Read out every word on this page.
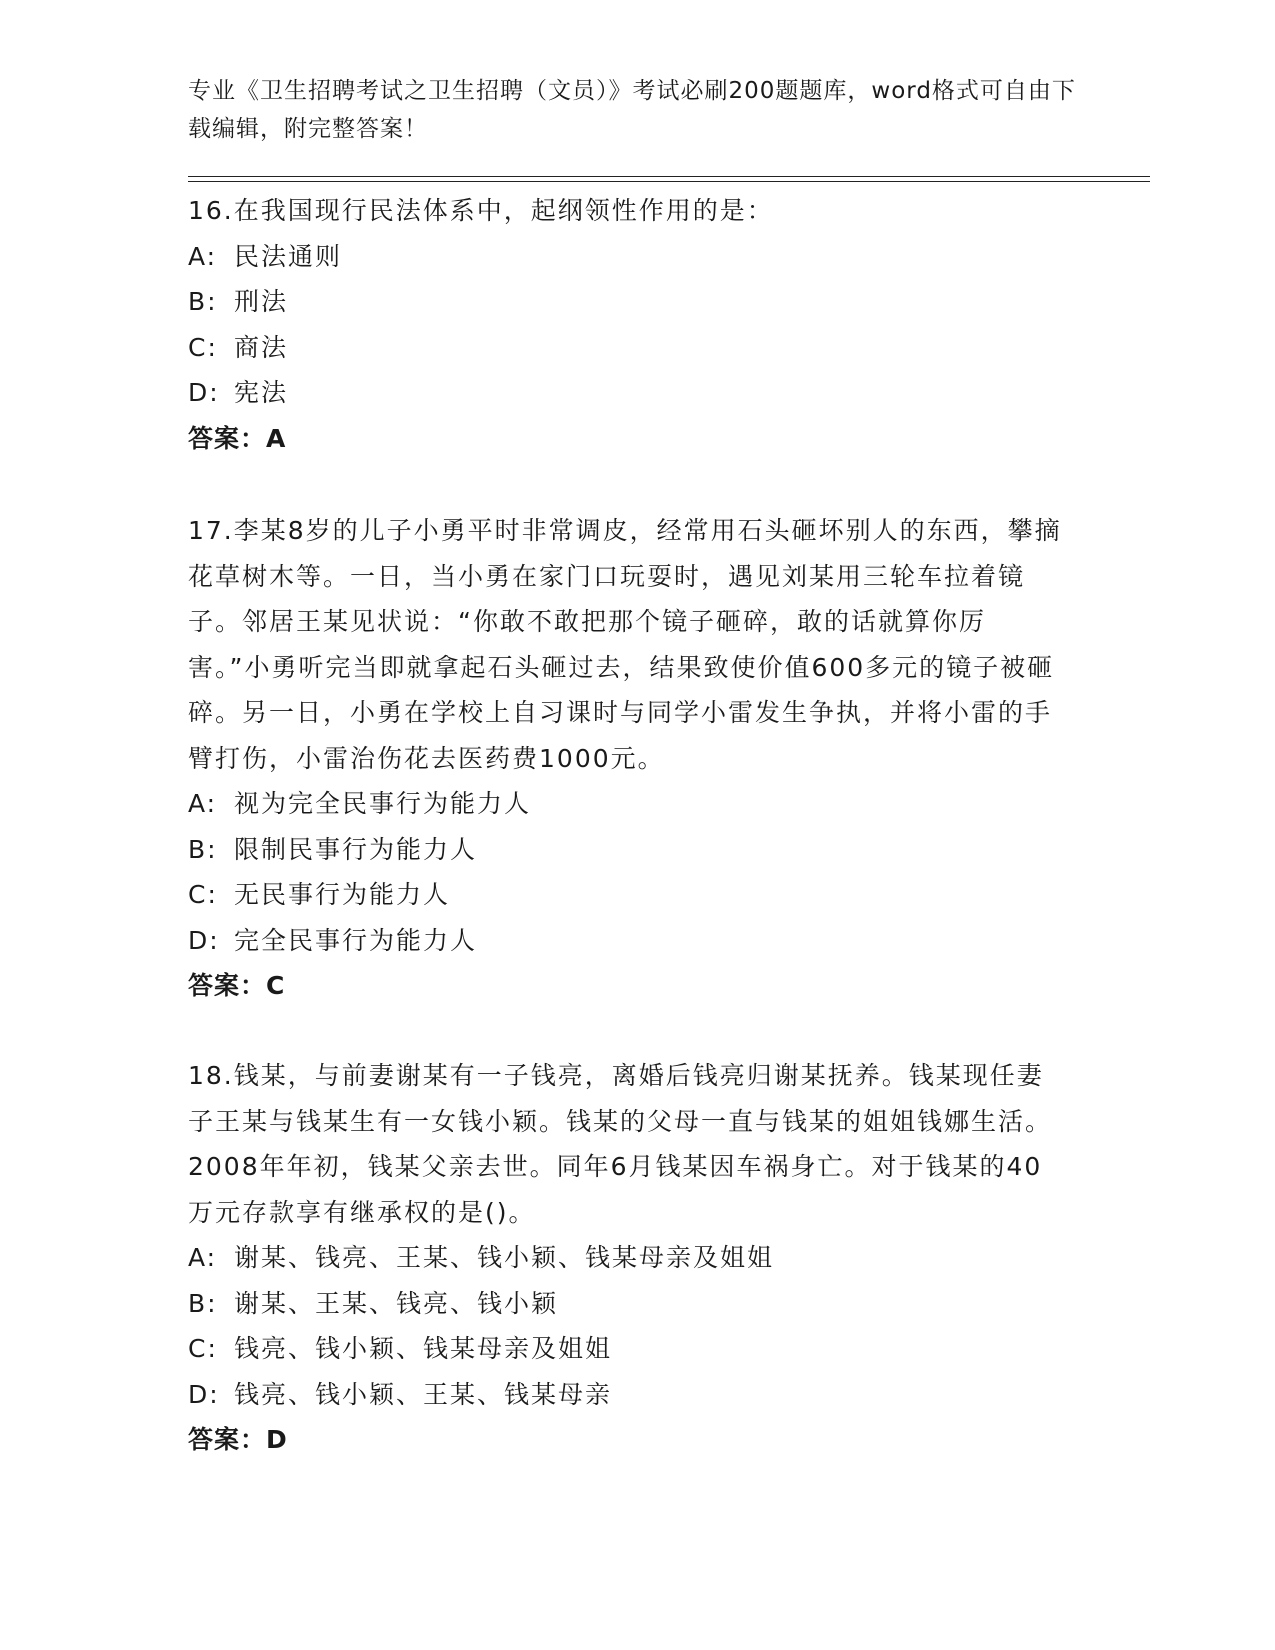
专业《卫生招聘考试之卫生招聘（文员）》考试必刷200题题库，word格式可自由下载编辑，附完整答案！

16.在我国现行民法体系中，起纲领性作用的是：

A: 民法通则

B: 刑法

C: 商法

D: 宪法

答案：A

17.李某8岁的儿子小勇平时非常调皮，经常用石头砸坏别人的东西，攀摘花草树木等。一日，当小勇在家门口玩耍时，遇见刘某用三轮车拉着镜子。邻居王某见状说：“你敢不敢把那个镜子砸碎，敢的话就算你厉害。”小勇听完当即就拿起石头砸过去，结果致使价值600多元的镜子被砸碎。另一日，小勇在学校上自习课时与同学小雷发生争执，并将小雷的手臂打伤，小雷治伤花去医药费1000元。

A: 视为完全民事行为能力人

B: 限制民事行为能力人

C: 无民事行为能力人

D: 完全民事行为能力人

答案：C

18.钱某，与前妻谢某有一子钱亮，离婚后钱亮归谢某抚养。钱某现任妻子王某与钱某生有一女钱小颖。钱某的父母一直与钱某的姐姐钱娜生活。2008年年初，钱某父亲去世。同年6月钱某因车祸身亡。对于钱某的40万元存款享有继承权的是()。

A: 谢某、钱亮、王某、钱小颖、钱某母亲及姐姐

B: 谢某、王某、钱亮、钱小颖

C: 钱亮、钱小颖、钱某母亲及姐姐

D: 钱亮、钱小颖、王某、钱某母亲

答案：D
